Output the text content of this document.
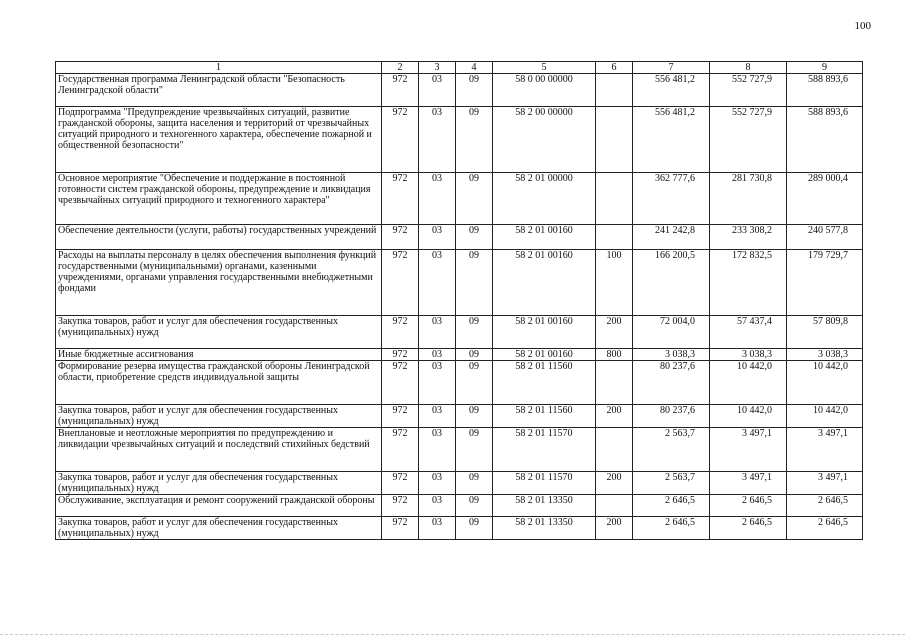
100
1	2	3	4	5	6	7	8	9
Государственная программа Ленинградской области "Безопасность Ленинградской области"	972	03	09	58 0 00 00000		556 481,2	552 727,9	588 893,6
Подпрограмма "Предупреждение чрезвычайных ситуаций, развитие гражданской обороны, защита населения и территорий от чрезвычайных ситуаций природного и техногенного характера, обеспечение пожарной и общественной безопасности"	972	03	09	58 2 00 00000		556 481,2	552 727,9	588 893,6
Основное мероприятие "Обеспечение и поддержание в постоянной готовности систем гражданской обороны, предупреждение и ликвидация чрезвычайных ситуаций природного и техногенного характера"	972	03	09	58 2 01 00000		362 777,6	281 730,8	289 000,4
Обеспечение деятельности (услуги, работы) государственных учреждений	972	03	09	58 2 01 00160		241 242,8	233 308,2	240 577,8
Расходы на выплаты персоналу в целях обеспечения выполнения функций государственными (муниципальными) органами, казенными учреждениями, органами управления государственными внебюджетными фондами	972	03	09	58 2 01 00160	100	166 200,5	172 832,5	179 729,7
Закупка товаров, работ и услуг для обеспечения государственных (муниципальных) нужд	972	03	09	58 2 01 00160	200	72 004,0	57 437,4	57 809,8
Иные бюджетные ассигнования	972	03	09	58 2 01 00160	800	3 038,3	3 038,3	3 038,3
Формирование резерва имущества гражданской обороны Ленинградской области, приобретение средств индивидуальной защиты	972	03	09	58 2 01 11560		80 237,6	10 442,0	10 442,0
Закупка товаров, работ и услуг для обеспечения государственных (муниципальных) нужд	972	03	09	58 2 01 11560	200	80 237,6	10 442,0	10 442,0
Внеплановые и неотложные мероприятия по предупреждению и ликвидации чрезвычайных ситуаций и последствий стихийных бедствий	972	03	09	58 2 01 11570		2 563,7	3 497,1	3 497,1
Закупка товаров, работ и услуг для обеспечения государственных (муниципальных) нужд	972	03	09	58 2 01 11570	200	2 563,7	3 497,1	3 497,1
Обслуживание, эксплуатация и ремонт сооружений гражданской обороны	972	03	09	58 2 01 13350		2 646,5	2 646,5	2 646,5
Закупка товаров, работ и услуг для обеспечения государственных (муниципальных) нужд	972	03	09	58 2 01 13350	200	2 646,5	2 646,5	2 646,5
